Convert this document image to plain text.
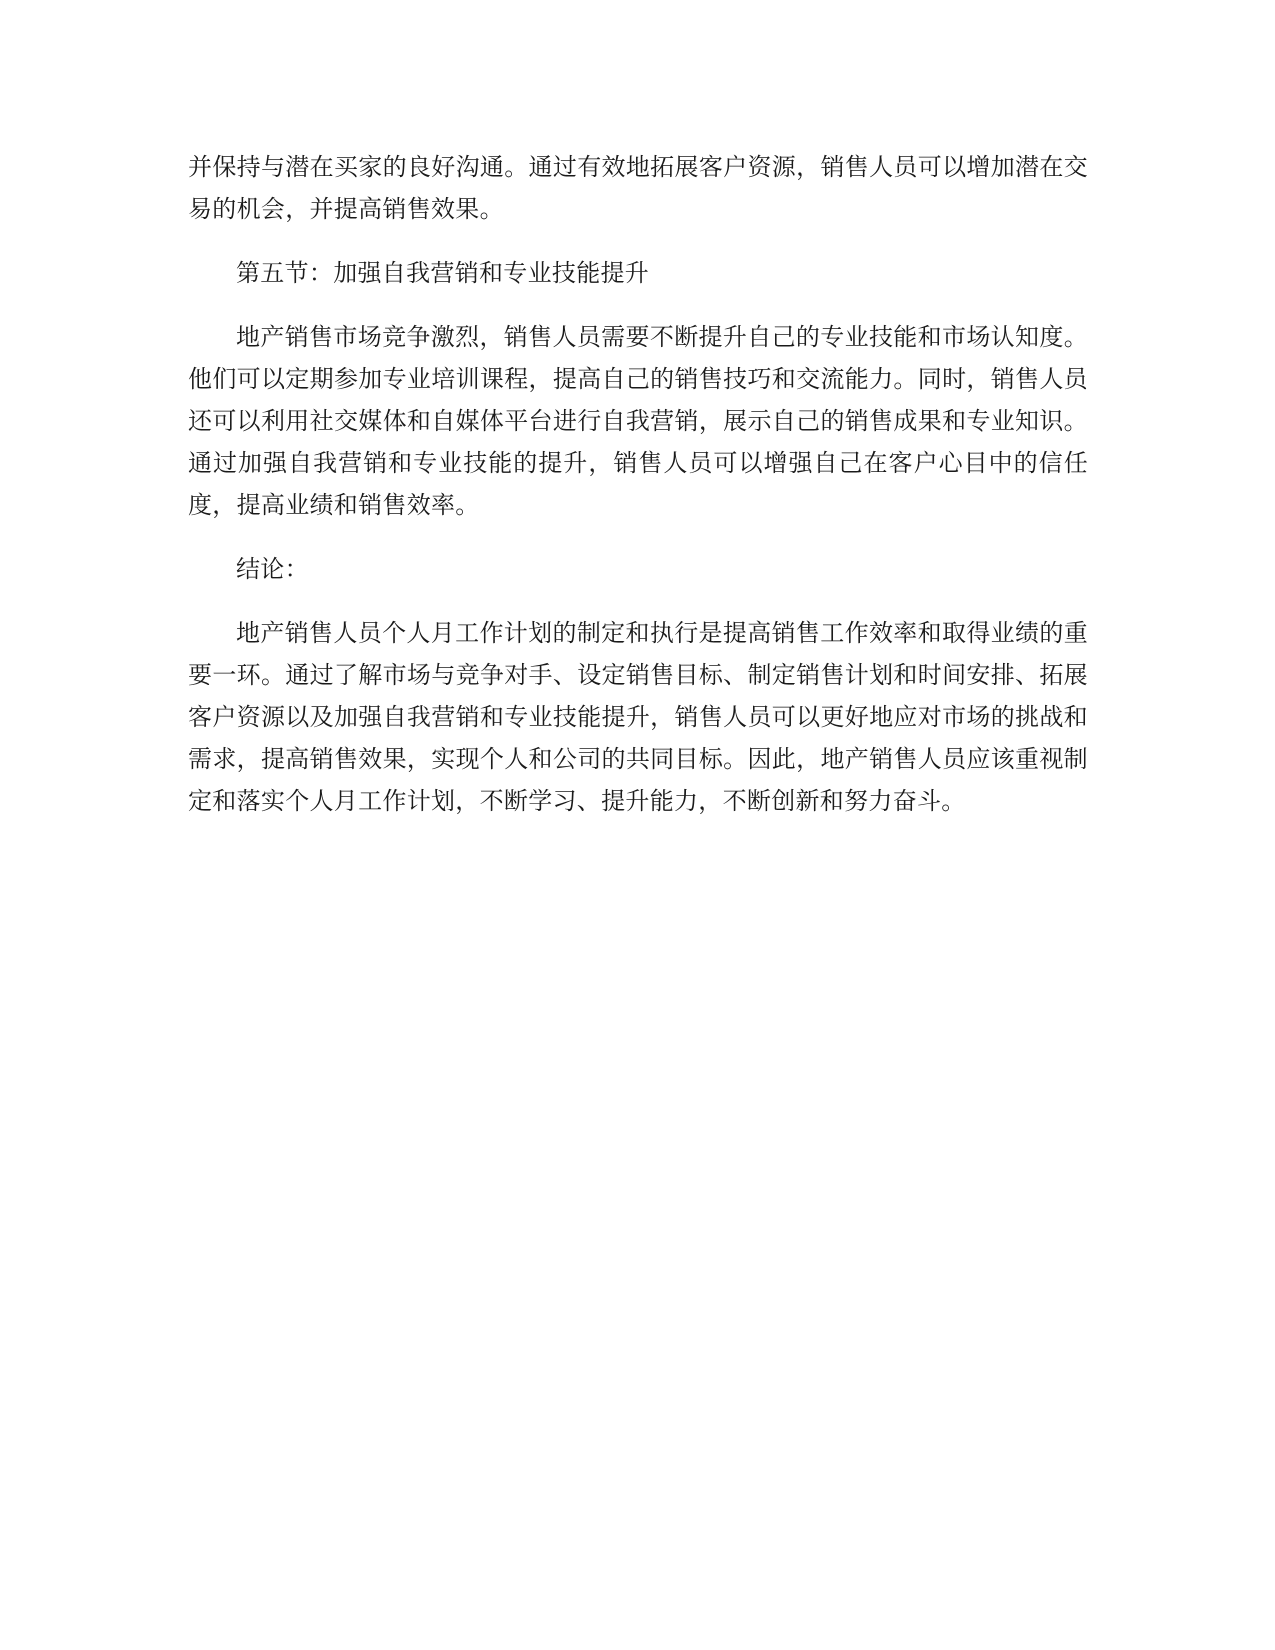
并保持与潜在买家的良好沟通。通过有效地拓展客户资源，销售人员可以增加潜在交易的机会，并提高销售效果。

第五节：加强自我营销和专业技能提升

地产销售市场竞争激烈，销售人员需要不断提升自己的专业技能和市场认知度。他们可以定期参加专业培训课程，提高自己的销售技巧和交流能力。同时，销售人员还可以利用社交媒体和自媒体平台进行自我营销，展示自己的销售成果和专业知识。通过加强自我营销和专业技能的提升，销售人员可以增强自己在客户心目中的信任度，提高业绩和销售效率。

结论：

地产销售人员个人月工作计划的制定和执行是提高销售工作效率和取得业绩的重要一环。通过了解市场与竞争对手、设定销售目标、制定销售计划和时间安排、拓展客户资源以及加强自我营销和专业技能提升，销售人员可以更好地应对市场的挑战和需求，提高销售效果，实现个人和公司的共同目标。因此，地产销售人员应该重视制定和落实个人月工作计划，不断学习、提升能力，不断创新和努力奋斗。
